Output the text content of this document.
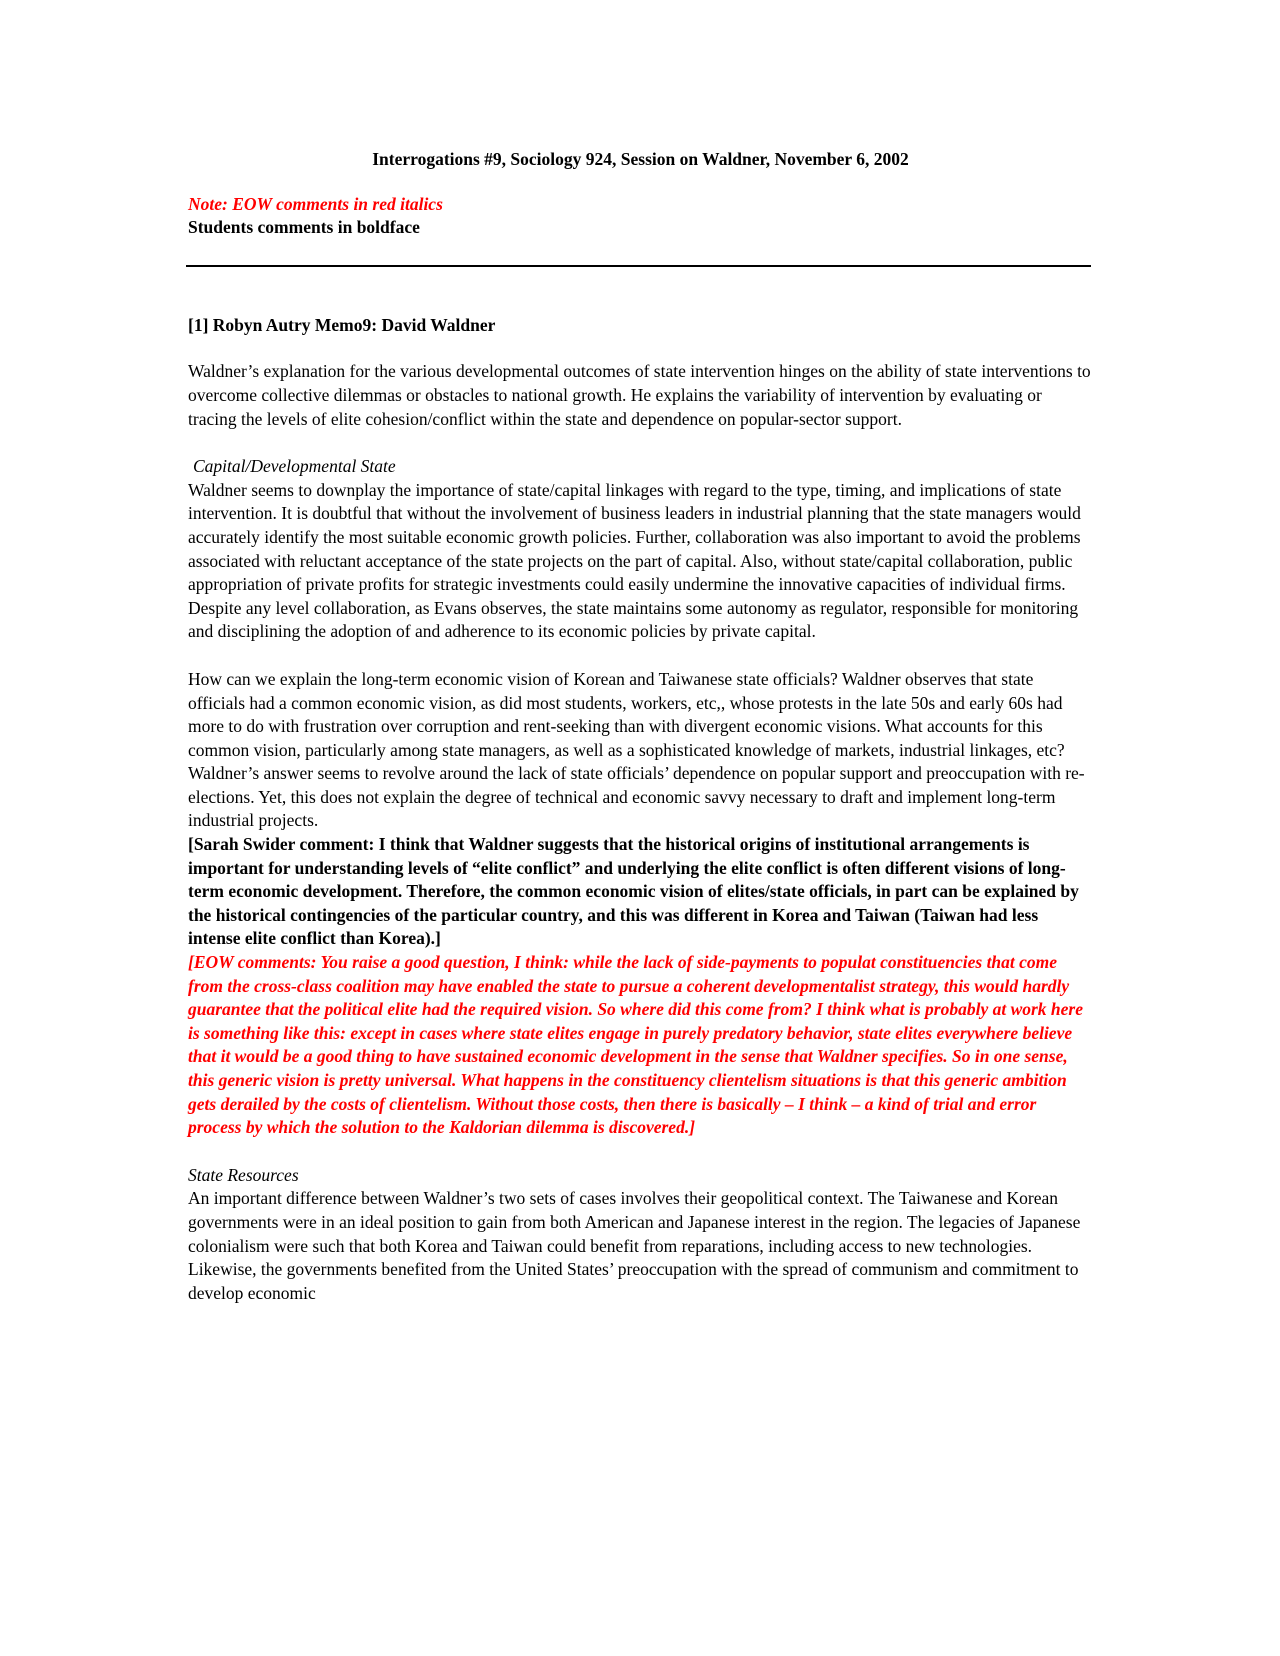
Interrogations #9, Sociology 924, Session on Waldner, November 6, 2002

Note: EOW comments in red italics

Students comments in boldface

[1] Robyn Autry Memo9: David Waldner

Waldner’s explanation for the various developmental outcomes of state intervention hinges on the ability of state interventions to overcome collective dilemmas or obstacles to national growth. He explains the variability of intervention by evaluating or tracing the levels of elite cohesion/conflict within the state and dependence on popular-sector support.

Capital/Developmental State

Waldner seems to downplay the importance of state/capital linkages with regard to the type, timing, and implications of state intervention. It is doubtful that without the involvement of business leaders in industrial planning that the state managers would accurately identify the most suitable economic growth policies. Further, collaboration was also important to avoid the problems associated with reluctant acceptance of the state projects on the part of capital. Also, without state/capital collaboration, public appropriation of private profits for strategic investments could easily undermine the innovative capacities of individual firms. Despite any level collaboration, as Evans observes, the state maintains some autonomy as regulator, responsible for monitoring and disciplining the adoption of and adherence to its economic policies by private capital.

How can we explain the long-term economic vision of Korean and Taiwanese state officials? Waldner observes that state officials had a common economic vision, as did most students, workers, etc,, whose protests in the late 50s and early 60s had more to do with frustration over corruption and rent-seeking than with divergent economic visions. What accounts for this common vision, particularly among state managers, as well as a sophisticated knowledge of markets, industrial linkages, etc? Waldner’s answer seems to revolve around the lack of state officials’ dependence on popular support and preoccupation with re-elections. Yet, this does not explain the degree of technical and economic savvy necessary to draft and implement long-term industrial projects.

[Sarah Swider comment: I think that Waldner suggests that the historical origins of institutional arrangements is important for understanding levels of “elite conflict” and underlying the elite conflict is often different visions of long-term economic development. Therefore, the common economic vision of elites/state officials, in part can be explained by the historical contingencies of the particular country, and this was different in Korea and Taiwan (Taiwan had less intense elite conflict than Korea).]

[EOW comments: You raise a good question, I think: while the lack of side-payments to populat constituencies that come from the cross-class coalition may have enabled the state to pursue a coherent developmentalist strategy, this would hardly guarantee that the political elite had the required vision. So where did this come from? I think what is probably at work here is something like this: except in cases where state elites engage in purely predatory behavior, state elites everywhere believe that it would be a good thing to have sustained economic development in the sense that Waldner specifies. So in one sense, this generic vision is pretty universal. What happens in the constituency clientelism situations is that this generic ambition gets derailed by the costs of clientelism. Without those costs, then there is basically – I think – a kind of trial and error process by which the solution to the Kaldorian dilemma is discovered.]

State Resources

An important difference between Waldner’s two sets of cases involves their geopolitical context. The Taiwanese and Korean governments were in an ideal position to gain from both American and Japanese interest in the region. The legacies of Japanese colonialism were such that both Korea and Taiwan could benefit from reparations, including access to new technologies. Likewise, the governments benefited from the United States’ preoccupation with the spread of communism and commitment to develop economic
